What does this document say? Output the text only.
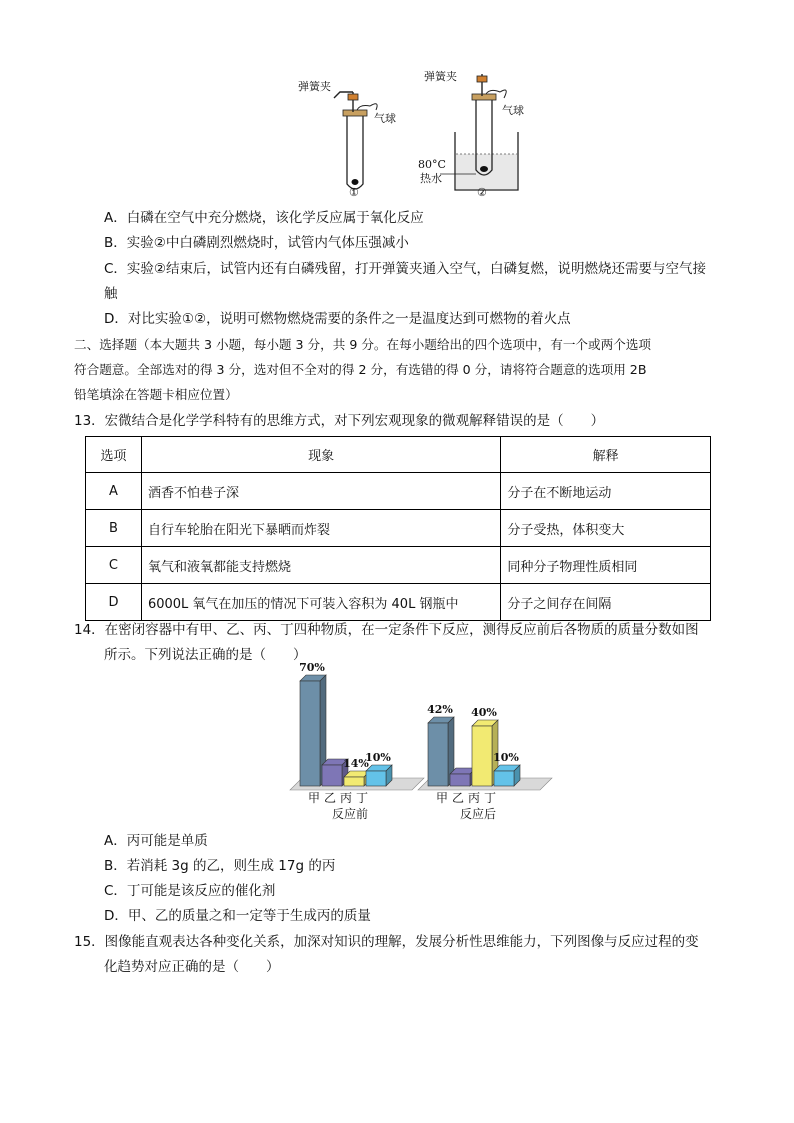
弹簧夹
气球
①
弹簧夹
气球
80°C
热水
②
A．白磷在空气中充分燃烧，该化学反应属于氧化反应
B．实验②中白磷剧烈燃烧时，试管内气体压强减小
C．实验②结束后，试管内还有白磷残留，打开弹簧夹通入空气，白磷复燃，说明燃烧还需要与空气接
触
D．对比实验①②，说明可燃物燃烧需要的条件之一是温度达到可燃物的着火点
二、选择题（本大题共 3 小题，每小题 3 分，共 9 分。在每小题给出的四个选项中，有一个或两个选项
符合题意。全部选对的得 3 分，选对但不全对的得 2 分，有选错的得 0 分，请将符合题意的选项用 2B
铅笔填涂在答题卡相应位置）
13．宏微结合是化学学科特有的思维方式，对下列宏观现象的微观解释错误的是（　　）
选项	现象	解释
A	酒香不怕巷子深	分子在不断地运动
B	自行车轮胎在阳光下暴晒而炸裂	分子受热，体积变大
C	氧气和液氧都能支持燃烧	同种分子物理性质相同
D	6000L 氧气在加压的情况下可装入容积为 40L 钢瓶中	分子之间存在间隔
14．在密闭容器中有甲、乙、丙、丁四种物质，在一定条件下反应，测得反应前后各物质的质量分数如图
所示。下列说法正确的是（　　）
70%
14%
10%
甲 乙 丙 丁
反应前
42% 40%
10%
甲 乙 丙 丁
反应后
A．丙可能是单质
B．若消耗 3g 的乙，则生成 17g 的丙
C．丁可能是该反应的催化剂
D．甲、乙的质量之和一定等于生成丙的质量
15．图像能直观表达各种变化关系，加深对知识的理解，发展分析性思维能力，下列图像与反应过程的变
化趋势对应正确的是（　　）
